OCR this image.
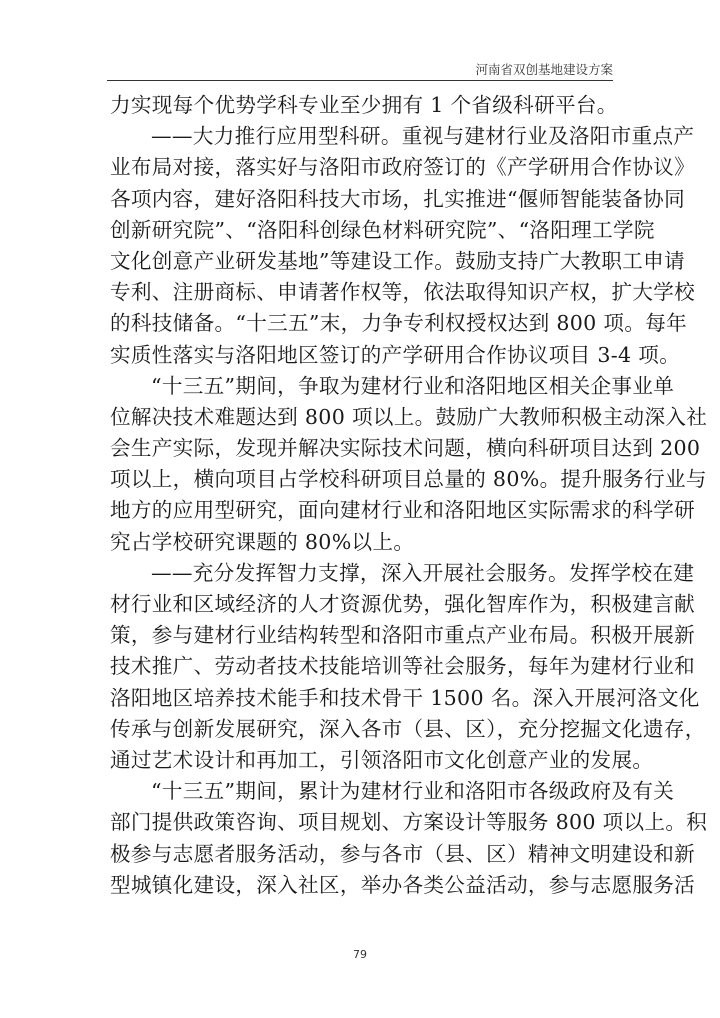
河南省双创基地建设方案
力实现每个优势学科专业至少拥有 1 个省级科研平台。
——大力推行应用型科研。重视与建材行业及洛阳市重点产
业布局对接，落实好与洛阳市政府签订的《产学研用合作协议》
各项内容，建好洛阳科技大市场，扎实推进“偃师智能装备协同
创新研究院”、“洛阳科创绿色材料研究院”、“洛阳理工学院
文化创意产业研发基地”等建设工作。鼓励支持广大教职工申请
专利、注册商标、申请著作权等，依法取得知识产权，扩大学校
的科技储备。“十三五”末，力争专利权授权达到 800 项。每年
实质性落实与洛阳地区签订的产学研用合作协议项目 3-4 项。
“十三五”期间，争取为建材行业和洛阳地区相关企事业单
位解决技术难题达到 800 项以上。鼓励广大教师积极主动深入社
会生产实际，发现并解决实际技术问题，横向科研项目达到 200
项以上，横向项目占学校科研项目总量的 80%。提升服务行业与
地方的应用型研究，面向建材行业和洛阳地区实际需求的科学研
究占学校研究课题的 80%以上。
——充分发挥智力支撑，深入开展社会服务。发挥学校在建
材行业和区域经济的人才资源优势，强化智库作为，积极建言献
策，参与建材行业结构转型和洛阳市重点产业布局。积极开展新
技术推广、劳动者技术技能培训等社会服务，每年为建材行业和
洛阳地区培养技术能手和技术骨干 1500 名。深入开展河洛文化
传承与创新发展研究，深入各市（县、区），充分挖掘文化遗存，
通过艺术设计和再加工，引领洛阳市文化创意产业的发展。
“十三五”期间，累计为建材行业和洛阳市各级政府及有关
部门提供政策咨询、项目规划、方案设计等服务 800 项以上。积
极参与志愿者服务活动，参与各市（县、区）精神文明建设和新
型城镇化建设，深入社区，举办各类公益活动，参与志愿服务活
79
